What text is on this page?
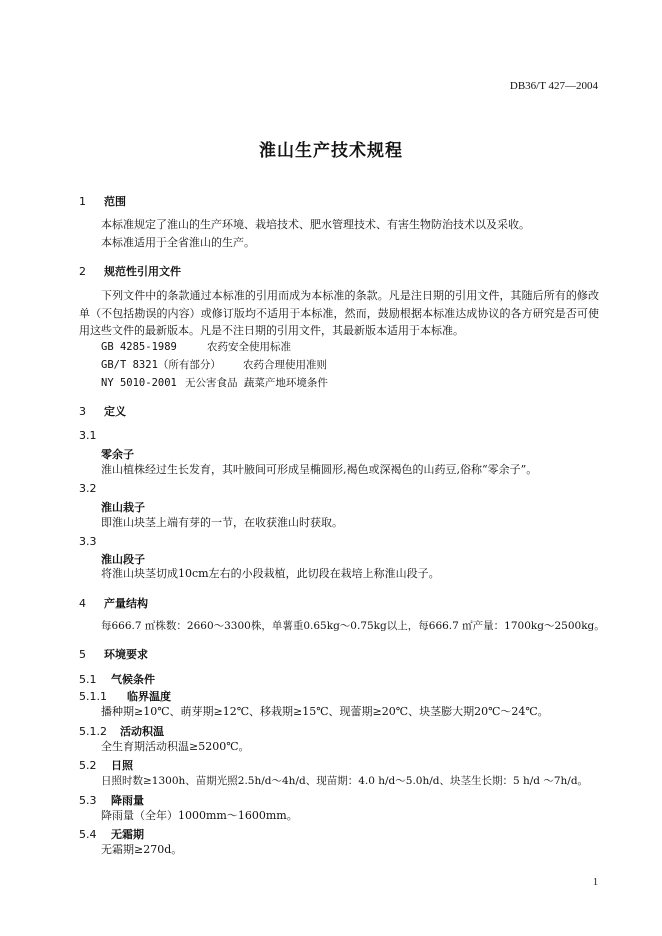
DB36/T 427—2004
淮山生产技术规程
1 范围
本标准规定了淮山的生产环境、栽培技术、肥水管理技术、有害生物防治技术以及采收。
本标准适用于全省淮山的生产。
2 规范性引用文件
下列文件中的条款通过本标准的引用而成为本标准的条款。凡是注日期的引用文件，其随后所有的修改单（不包括勘误的内容）或修订版均不适用于本标准，然而，鼓励根据本标准达成协议的各方研究是否可使用这些文件的最新版本。凡是不注日期的引用文件，其最新版本适用于本标准。
GB 4285-1989	农药安全使用标准
GB/T 8321（所有部分） 农药合理使用准则
NY 5010-2001 无公害食品 蔬菜产地环境条件
3 定义
3.1
零余子
淮山植株经过生长发育，其叶腋间可形成呈椭圆形,褐色或深褐色的山药豆,俗称“零余子”。
3.2
淮山栽子
即淮山块茎上端有芽的一节，在收获淮山时获取。
3.3
淮山段子
将淮山块茎切成10cm左右的小段栽植，此切段在栽培上称淮山段子。
4 产量结构
每666.7 ㎡株数：2660～3300株，单薯重0.65kg～0.75kg以上，每666.7 ㎡产量：1700kg～2500kg。
5 环境要求
5.1 气候条件
5.1.1 临界温度
播种期≥10℃、萌芽期≥12℃、移栽期≥15℃、现蕾期≥20℃、块茎膨大期20℃～24℃。
5.1.2 活动积温
全生育期活动积温≥5200℃。
5.2 日照
日照时数≥1300h、苗期光照2.5h/d～4h/d、现苗期：4.0 h/d～5.0h/d、块茎生长期：5 h/d ～7h/d。
5.3 降雨量
降雨量（全年）1000mm～1600mm。
5.4 无霜期
无霜期≥270d。
1
